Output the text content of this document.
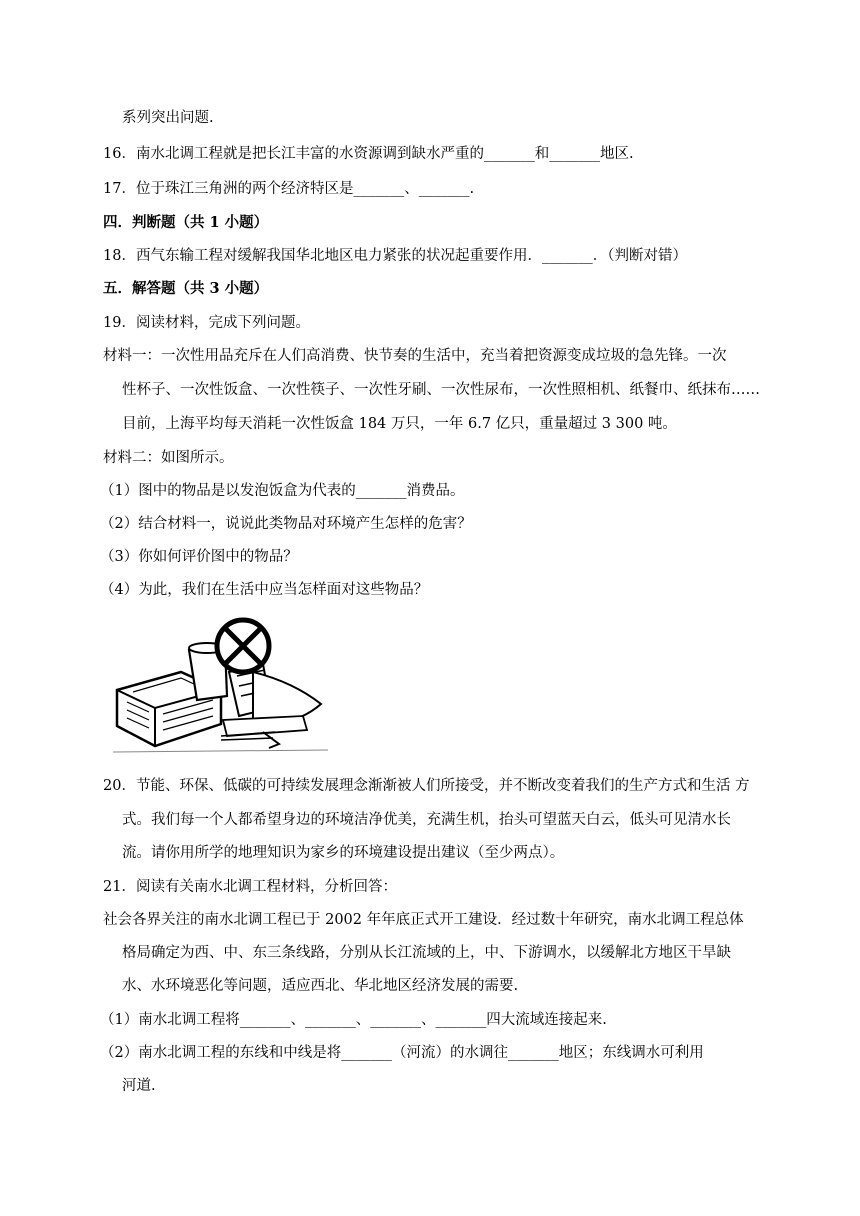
系列突出问题.
16．南水北调工程就是把长江丰富的水资源调到缺水严重的_______和_______地区.
17．位于珠江三角洲的两个经济特区是_______、_______.
四．判断题（共 1 小题）
18．西气东输工程对缓解我国华北地区电力紧张的状况起重要作用．_______．（判断对错）
五．解答题（共 3 小题）
19．阅读材料，完成下列问题。
材料一：一次性用品充斥在人们高消费、快节奏的生活中，充当着把资源变成垃圾的急先锋。一次
性杯子、一次性饭盒、一次性筷子、一次性牙刷、一次性尿布，一次性照相机、纸餐巾、纸抹布……
目前，上海平均每天消耗一次性饭盒 184 万只，一年 6.7 亿只，重量超过 3 300 吨。
材料二：如图所示。
（1）图中的物品是以发泡饭盒为代表的_______消费品。
（2）结合材料一，说说此类物品对环境产生怎样的危害？
（3）你如何评价图中的物品？
（4）为此，我们在生活中应当怎样面对这些物品？
20．节能、环保、低碳的可持续发展理念渐渐被人们所接受，并不断改变着我们的生产方式和生活 方
式。我们每一个人都希望身边的环境洁净优美，充满生机，抬头可望蓝天白云，低头可见清水长
流。请你用所学的地理知识为家乡的环境建设提出建议（至少两点）。
21．阅读有关南水北调工程材料，分析回答：
社会各界关注的南水北调工程已于 2002 年年底正式开工建设．经过数十年研究，南水北调工程总体
格局确定为西、中、东三条线路，分别从长江流域的上，中、下游调水，以缓解北方地区干旱缺
水、水环境恶化等问题，适应西北、华北地区经济发展的需要.
（1）南水北调工程将_______、_______、_______、_______四大流域连接起来.
（2）南水北调工程的东线和中线是将_______（河流）的水调往_______地区；东线调水可利用
河道.
